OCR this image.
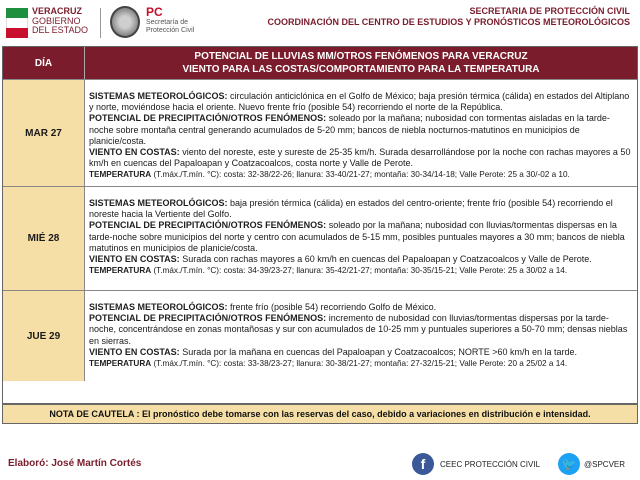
VERACRUZ
GOBIERNO
DEL ESTADO
PC
Secretaría de
Protección Civil
SECRETARIA DE PROTECCIÓN CIVIL
COORDINACIÓN DEL CENTRO DE ESTUDIOS Y PRONÓSTICOS METEOROLÓGICOS
DÍA
POTENCIAL DE LLUVIAS MM/OTROS FENÓMENOS PARA VERACRUZ
VIENTO PARA LAS COSTAS/COMPORTAMIENTO PARA LA TEMPERATURA
MAR 27
SISTEMAS METEOROLÓGICOS: circulación anticiclónica en el Golfo de México; baja presión térmica (cálida) en estados del Altiplano y norte, moviéndose hacia el oriente. Nuevo frente frío (posible 54) recorriendo el norte de la República.
POTENCIAL DE PRECIPITACIÓN/OTROS FENÓMENOS: soleado por la mañana; nubosidad con tormentas aisladas en la tarde-noche sobre montaña central generando acumulados de 5-20 mm; bancos de niebla nocturnos-matutinos en municipios de planicie/costa.
VIENTO EN COSTAS: viento del noreste, este y sureste de 25-35 km/h. Surada desarrollándose por la noche con rachas mayores a 50 km/h en cuencas del Papaloapan y Coatzacoalcos, costa norte y Valle de Perote.
TEMPERATURA (T.máx./T.mín. °C): costa: 32-38/22-26; llanura: 33-40/21-27; montaña: 30-34/14-18; Valle Perote: 25 a 30/-02 a 10.
MIÉ 28
SISTEMAS METEOROLÓGICOS: baja presión térmica (cálida) en estados del centro-oriente; frente frío (posible 54) recorriendo el noreste hacia la Vertiente del Golfo.
POTENCIAL DE PRECIPITACIÓN/OTROS FENÓMENOS: soleado por la mañana; nubosidad con lluvias/tormentas dispersas en la tarde-noche sobre municipios del norte y centro con acumulados de 5-15 mm, posibles puntuales mayores a 30 mm; bancos de niebla matutinos en municipios de planicie/costa.
VIENTO EN COSTAS: Surada con rachas mayores a 60 km/h en cuencas del Papaloapan y Coatzacoalcos y Valle de Perote.
TEMPERATURA (T.máx./T.mín. °C): costa: 34-39/23-27; llanura: 35-42/21-27; montaña: 30-35/15-21; Valle Perote: 25 a 30/02 a 14.
JUE 29
SISTEMAS METEOROLÓGICOS: frente frío (posible 54) recorriendo Golfo de México.
POTENCIAL DE PRECIPITACIÓN/OTROS FENÓMENOS: incremento de nubosidad con lluvias/tormentas dispersas por la tarde-noche, concentrándose en zonas montañosas y sur con acumulados de 10-25 mm y puntuales superiores a 50-70 mm; densas nieblas en sierras.
VIENTO EN COSTAS: Surada por la mañana en cuencas del Papaloapan y Coatzacoalcos; NORTE >60 km/h en la tarde.
TEMPERATURA (T.máx./T.mín. °C): costa: 33-38/23-27; llanura: 30-38/21-27; montaña: 27-32/15-21; Valle Perote: 20 a 25/02 a 14.
NOTA DE CAUTELA : El pronóstico debe tomarse con las reservas del caso, debido a variaciones en distribución e intensidad.
Elaboró: José Martín Cortés	f	CEEC PROTECCIÓN CIVIL 🐦 @SPCVER
